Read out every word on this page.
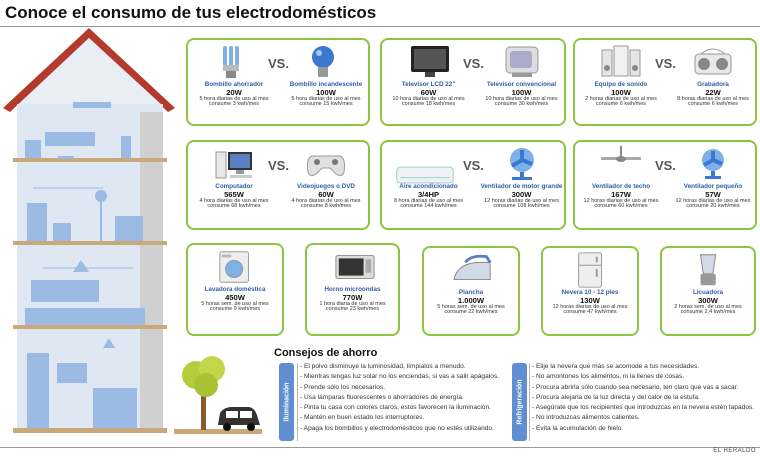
Conoce el consumo de tus electrodomésticos
VS.
Bombillo ahorrador
20W
5 hora diarias de uso al mes
consume 3 kwh/mes
Bombillo incandescente
100W
5 hora diarias de uso al mes
consume 15 kwh/mes
VS.
Televisor LCD 22"
60W
10 hora diarias de uso al mes
consume 18 kwh/mes
Televisor convencional
100W
10 hora diarias de uso al mes
consume 30 kwh/mes
VS.
Equipo de sonido
100W
2 horas diarias de uso al mes
consume 6 kwh/mes
Grabadora
22W
8 horas diarias de uso al mes
consume 6 kwh/mes
VS.
Computador
565W
4 hora diarias de uso al mes
consume 68 kwh/mes
Videojuegos o DVD
60W
4 hora diarias de uso al mes
consume 8 kwh/mes
VS.
Aire acondicionado
3/4HP
8 hora diarias de uso al mes
consume 144 kwh/mes
Ventilador de motor grande
300W
12 horas diarias de uso al mes
consume 108 kwh/mes
VS.
Ventilador de techo
167W
12 horas diarias de uso al mes
consume 60 kwh/mes
Ventilador pequeño
57W
12 horas diarias de uso al mes
consume 20 kwh/mes
Lavadora doméstica
450W
5 horas sem. de uso al mes
consume 9 kwh/mes
Horno microondas
770W
1 hora diaria de uso al mes
consume 23 kwh/mes
Plancha
1.000W
5 horas sem. de uso al mes
consume 22 kwh/mes
Nevera 10 - 12 pies
130W
12 horas diarias de uso al mes
consume 47 kwh/mes
Licuadora
300W
2 horas sem. de uso al mes
consume 2,4 kwh/mes
Consejos de ahorro
Iluminación
- El polvo disminuye la luminosidad, límpialos a menudo.
- Mientras tengas luz solar no los enciendas, si vas a salir apágalos.
- Prende sólo los necesarios.
- Usa lámparas fluorescentes o ahorradores de energía.
- Pinta tu casa con colores claros, estos favorecen la iluminación.
- Mantén en buen estado los interruptores.
- Apaga los bombillos y electrodomésticos que no estés utilizando.
Refrigeración
- Elije la nevera que más se acomode a tus necesidades.
- No amontones los alimentos, ni la llenes de cosas.
- Procura abrirla sólo cuando sea necesario, ten claro que vas a sacar.
- Procura alejarla de la luz directa y del calor de la estufa.
- Asegúrate que los recipientes que introduzcas en la nevera estén tapados.
- No introduzcas alimentos calientes.
- Evita la acumulación de hielo.
EL HERALDO
